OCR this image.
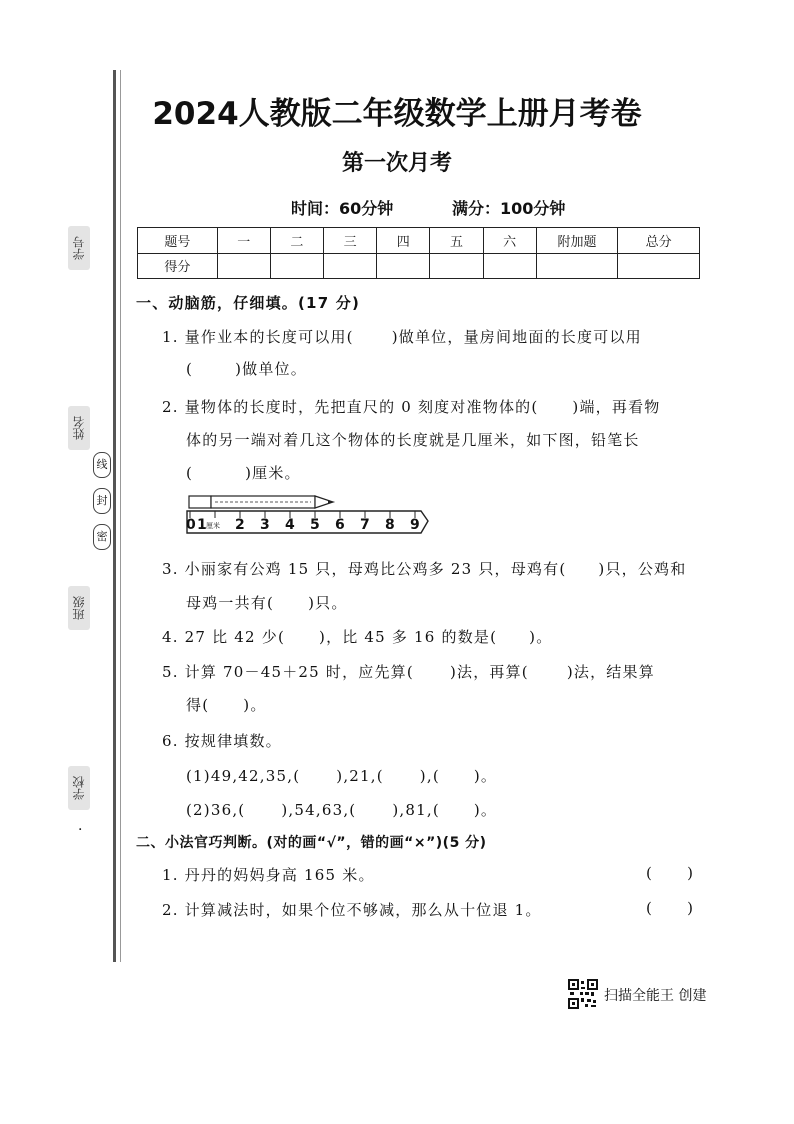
学号
姓名
班级
学校
线
封
密
·
2024人教版二年级数学上册月考卷
第一次月考
时间：60分钟	满分：100分钟
题号	一	二	三	四	五	六	附加题	总分
得分								
一、动脑筋，仔细填。(17 分)
1. 量作业本的长度可以用(	)做单位，量房间地面的长度可以用
(	)做单位。
2. 量物体的长度时，先把直尺的 0 刻度对准物体的( )端，再看物
体的另一端对着几这个物体的长度就是几厘米，如下图，铅笔长
(	)厘米。
0 1 厘米 2 3 4 5 6 7 8 9
3. 小丽家有公鸡 15 只，母鸡比公鸡多 23 只，母鸡有( )只，公鸡和
母鸡一共有( )只。
4. 27 比 42 少( )，比 45 多 16 的数是( )。
5. 计算 70－45＋25 时，应先算( )法，再算(	)法，结果算
得( )。
6. 按规律填数。
(1)49,42,35,( ),21,( ),( )。
(2)36,( ),54,63,( ),81,( )。
二、小法官巧判断。(对的画“√”，错的画“×”)(5 分)
1. 丹丹的妈妈身高 165 米。	( )
2. 计算减法时，如果个位不够减，那么从十位退 1。	( )
扫描全能王 创建
